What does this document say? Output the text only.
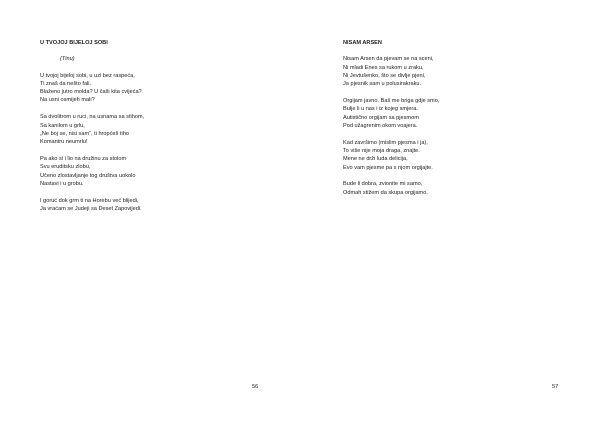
U TVOJOJ BIJELOJ SOBI
(Tinu)
U tvojoj bijeloj sobi, u uzi bez raspeća,
Ti znaš da nešto fali.
Blaženo jutro molda? U čaši kita cvijeća?
Na usni osmijeh mali?
Sa dvolitrom u ruci, na usnama sa stihom,
Sa kanilom u grlu,
„Ne boj se, nisi sam”, ti hropćeš tiho
Komantru neumrlu!
Pa ako si i lio na družinu za stolom
Svu eruditsku zlobu,
Učeno zlostavljanje tog društva uokolo
Nastavi i u grobu.
I goruć dok grm ti na Horebu već blijedi,
Ja vraćam se Judeji sa Deset Zapovijedi.
56
NISAM ARSEN
Nisam Arsen da pjevam se na sceni,
Ni mladi Enes sa rukom u zraku,
Ni Jevtušenko, što se divlje pjeni,
Ja pjesnik sam u polusirakraku.
Orgijam javno. Baš me briga gdje smo,
Bulje li u nas i iz kojeg smjera.
Autistično orgijam sa pjesmom
Pod užagrenim okom voajera.
Kad završimo (mislim pjesma i ja),
To više nije moja draga, znajte.
Mene ne drži luda delicija,
Evo vam pjesme pa s njom orgijajte.
Bude li dobra, zvionite mi samo,
Odmah stižem da skupa orgijamo.
57
